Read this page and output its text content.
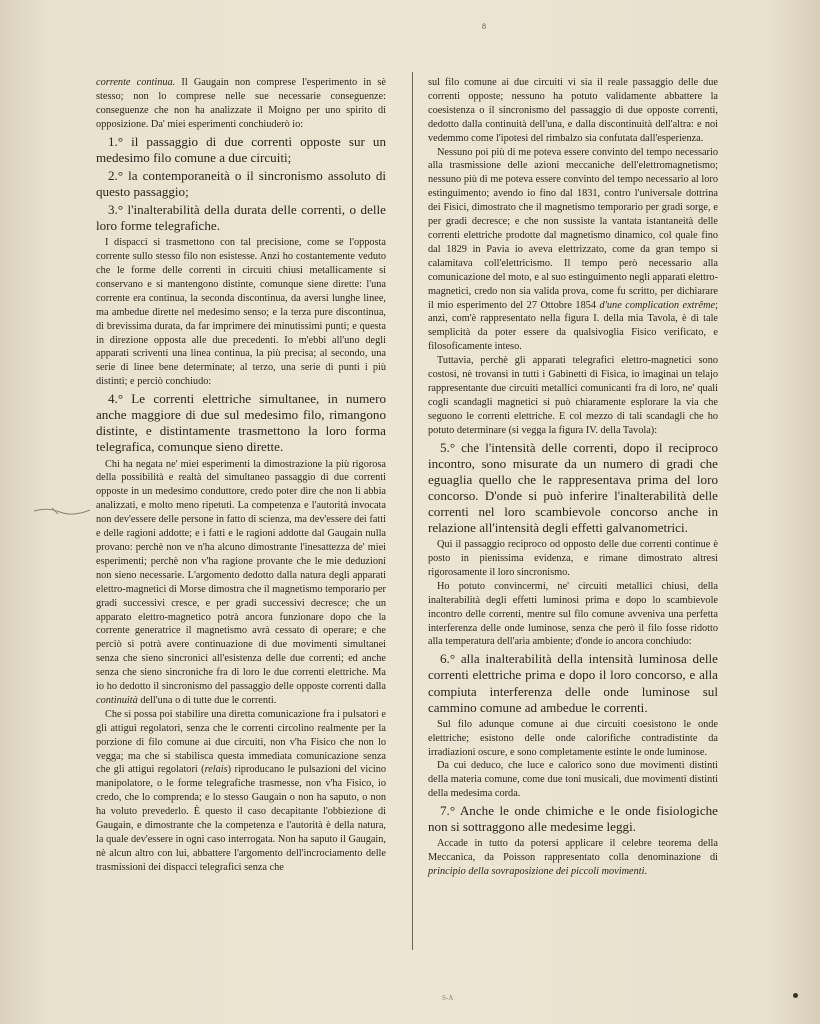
8

corrente continua. Il Gaugain non comprese l'esperimento in sè stesso; non lo comprese nelle sue necessarie conseguenze: conseguenze che non ha analizzate il Moigno per uno spirito di opposizione. Da' miei esperimenti conchiuderò io:

1.° il passaggio di due correnti opposte sur un medesimo filo comune a due circuiti;

2.° la contemporaneità o il sincronismo assoluto di questo passaggio;

3.° l'inalterabilità della durata delle correnti, o delle loro forme telegrafiche.

I dispacci si trasmettono con tal precisione, come se l'opposta corrente sullo stesso filo non esistesse. Anzi ho costantemente veduto che le forme delle correnti in circuiti chiusi metallicamente si conservano e si mantengono distinte, comunque siene dirette: l'una corrente era continua, la seconda discontinua, da aversi lunghe linee, ma ambedue dirette nel medesimo senso; e la terza pure discontinua, di brevissima durata, da far imprimere dei minutissimi punti; e questa in direzione opposta alle due precedenti. Io m'ebbi all'uno degli apparati scriventi una linea continua, la più precisa; al secondo, una serie di linee bene determinate; al terzo, una serie di punti i più distinti; e perciò conchiudo:

4.° Le correnti elettriche simultanee, in numero anche maggiore di due sul medesimo filo, rimangono distinte, e distintamente trasmettono la loro forma telegrafica, comunque sieno dirette.

Chi ha negata ne' miei esperimenti la dimostrazione la più rigorosa della possibilità e realtà del simultaneo passaggio di due correnti opposte in un medesimo conduttore, credo poter dire che non li abbia analizzati, e molto meno ripetuti. La competenza e l'autorità invocata non dev'essere delle persone in fatto di scienza, ma dev'essere dei fatti e delle ragioni addotte; e i fatti e le ragioni addotte dal Gaugain nulla provano: perchè non ve n'ha alcuno dimostrante l'inesattezza de' miei esperimenti; perchè non v'ha ragione provante che le mie deduzioni non sieno necessarie. L'argomento dedotto dalla natura degli apparati elettro-magnetici di Morse dimostra che il magnetismo temporario per gradi successivi cresce, e per gradi successivi decresce; che un apparato elettro-magnetico potrà ancora funzionare dopo che la corrente generatrice il magnetismo avrà cessato di operare; e che perciò si potrà avere continuazione di due movimenti simultanei senza che sieno sincronici all'esistenza delle due correnti; ed anche senza che sieno sincroniche fra di loro le due correnti elettriche. Ma io ho dedotto il sincronismo del passaggio delle opposte correnti dalla continuità dell'una o di tutte due le correnti.

Che si possa poi stabilire una diretta comunicazione fra i pulsatori e gli attigui regolatori, senza che le correnti circolino realmente per la porzione di filo comune ai due circuiti, non v'ha Fisico che non lo vegga; ma che si stabilisca questa immediata comunicazione senza che gli attigui regolatori (relais) riproducano le pulsazioni del vicino manipolatore, o le forme telegrafiche trasmesse, non v'ha Fisico, io credo, che lo comprenda; e lo stesso Gaugain o non ha saputo, o non ha voluto prevederlo. È questo il caso decapitante l'obbiezione di Gaugain, e dimostrante che la competenza e l'autorità è della natura, la quale dev'essere in ogni caso interrogata. Non ha saputo il Gaugain, nè alcun altro con lui, abbattere l'argomento dell'incrociamento delle trasmissioni dei dispacci telegrafici senza che

sul filo comune ai due circuiti vi sia il reale passaggio delle due correnti opposte; nessuno ha potuto validamente abbattere la coesistenza o il sincronismo del passaggio di due opposte correnti, dedotto dalla continuità dell'una, e dalla discontinuità dell'altra: e noi vedemmo come l'ipotesi del rimbalzo sia confutata dall'esperienza.

Nessuno poi più di me poteva essere convinto del tempo necessario alla trasmissione delle azioni meccaniche dell'elettromagnetismo; nessuno più di me poteva essere convinto del tempo necessario al loro estinguimento; avendo io fino dal 1831, contro l'universale dottrina dei Fisici, dimostrato che il magnetismo temporario per gradi sorge, e per gradi decresce; e che non sussiste la vantata istantaneità delle correnti elettriche prodotte dal magnetismo dinamico, col quale fino dal 1829 in Pavia io aveva elettrizzato, come da gran tempo si calamitava coll'elettricismo. Il tempo però necessario alla comunicazione del moto, e al suo estinguimento negli apparati elettro-magnetici, credo non sia valida prova, come fu scritto, per dichiarare il mio esperimento del 27 Ottobre 1854 d'une complication extrême; anzi, com'è rappresentato nella figura I. della mia Tavola, è di tale semplicità da poter essere da qualsivoglia Fisico verificato, e filosoficamente inteso.

Tuttavia, perchè gli apparati telegrafici elettro-magnetici sono costosi, nè trovansi in tutti i Gabinetti di Fisica, io imaginai un telajo rappresentante due circuiti metallici comunicanti fra di loro, ne' quali cogli scandagli magnetici si può chiaramente esplorare la via che seguono le correnti elettriche. E col mezzo di tali scandagli che ho potuto determinare (si vegga la figura IV. della Tavola):

5.° che l'intensità delle correnti, dopo il reciproco incontro, sono misurate da un numero di gradi che eguaglia quello che le rappresentava prima del loro concorso. D'onde si può inferire l'inalterabilità delle correnti nel loro scambievole concorso anche in relazione all'intensità degli effetti galvanometrici.

Qui il passaggio reciproco od opposto delle due correnti continue è posto in pienissima evidenza, e rimane dimostrato altresì rigorosamente il loro sincronismo.

Ho potuto convincermi, ne' circuiti metallici chiusi, della inalterabilità degli effetti luminosi prima e dopo lo scambievole incontro delle correnti, mentre sul filo comune avveniva una perfetta interferenza delle onde luminose, senza che però il filo fosse ridotto alla temperatura dell'aria ambiente; d'onde io ancora conchiudo:

6.° alla inalterabilità della intensità luminosa delle correnti elettriche prima e dopo il loro concorso, e alla compiuta interferenza delle onde luminose sul cammino comune ad ambedue le correnti.

Sul filo adunque comune ai due circuiti coesistono le onde elettriche; esistono delle onde calorifiche contradistinte da irradiazioni oscure, e sono completamente estinte le onde luminose.

Da cui deduco, che luce e calorico sono due movimenti distinti della materia comune, come due toni musicali, due movimenti distinti della medesima corda.

7.° Anche le onde chimiche e le onde fisiologiche non si sottraggono alle medesime leggi.

Accade in tutto da potersi applicare il celebre teorema della Meccanica, da Poisson rappresentato colla denominazione di principio della sovraposizione dei piccoli movimenti.

S-A
